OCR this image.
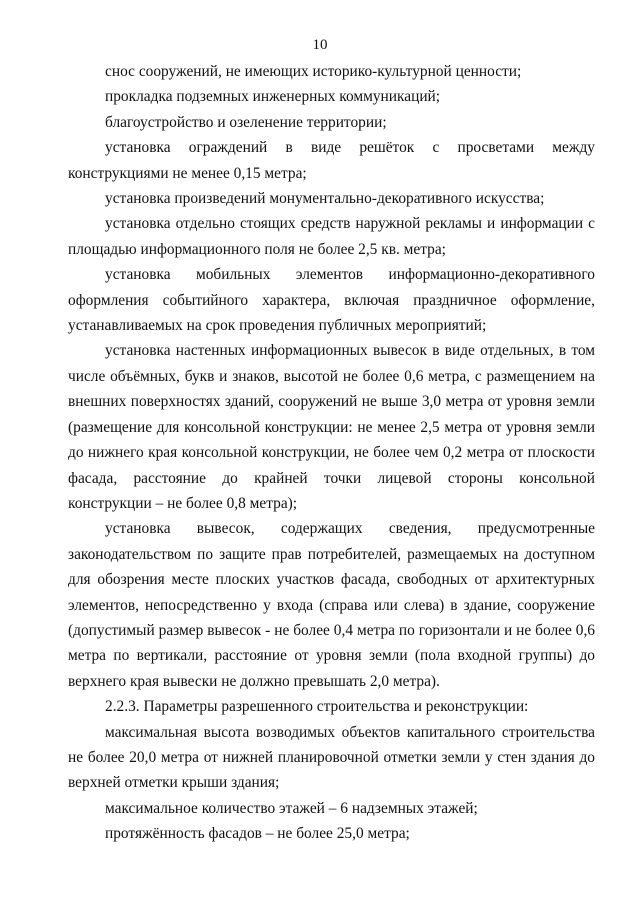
10

снос сооружений, не имеющих историко-культурной ценности;

прокладка подземных инженерных коммуникаций;

благоустройство и озеленение территории;

установка ограждений в виде решёток с просветами между конструкциями не менее 0,15 метра;

установка произведений монументально-декоративного искусства;

установка отдельно стоящих средств наружной рекламы и информации с площадью информационного поля не более 2,5 кв. метра;

установка мобильных элементов информационно-декоративного оформления событийного характера, включая праздничное оформление, устанавливаемых на срок проведения публичных мероприятий;

установка настенных информационных вывесок в виде отдельных, в том числе объёмных, букв и знаков, высотой не более 0,6 метра, с размещением на внешних поверхностях зданий, сооружений не выше 3,0 метра от уровня земли (размещение для консольной конструкции: не менее 2,5 метра от уровня земли до нижнего края консольной конструкции, не более чем 0,2 метра от плоскости фасада, расстояние до крайней точки лицевой стороны консольной конструкции – не более 0,8 метра);

установка вывесок, содержащих сведения, предусмотренные законодательством по защите прав потребителей, размещаемых на доступном для обозрения месте плоских участков фасада, свободных от архитектурных элементов, непосредственно у входа (справа или слева) в здание, сооружение (допустимый размер вывесок - не более 0,4 метра по горизонтали и не более 0,6 метра по вертикали, расстояние от уровня земли (пола входной группы) до верхнего края вывески не должно превышать 2,0 метра).

2.2.3. Параметры разрешенного строительства и реконструкции:

максимальная высота возводимых объектов капитального строительства не более 20,0 метра от нижней планировочной отметки земли у стен здания до верхней отметки крыши здания;

максимальное количество этажей – 6 надземных этажей;

протяжённость фасадов – не более 25,0 метра;
